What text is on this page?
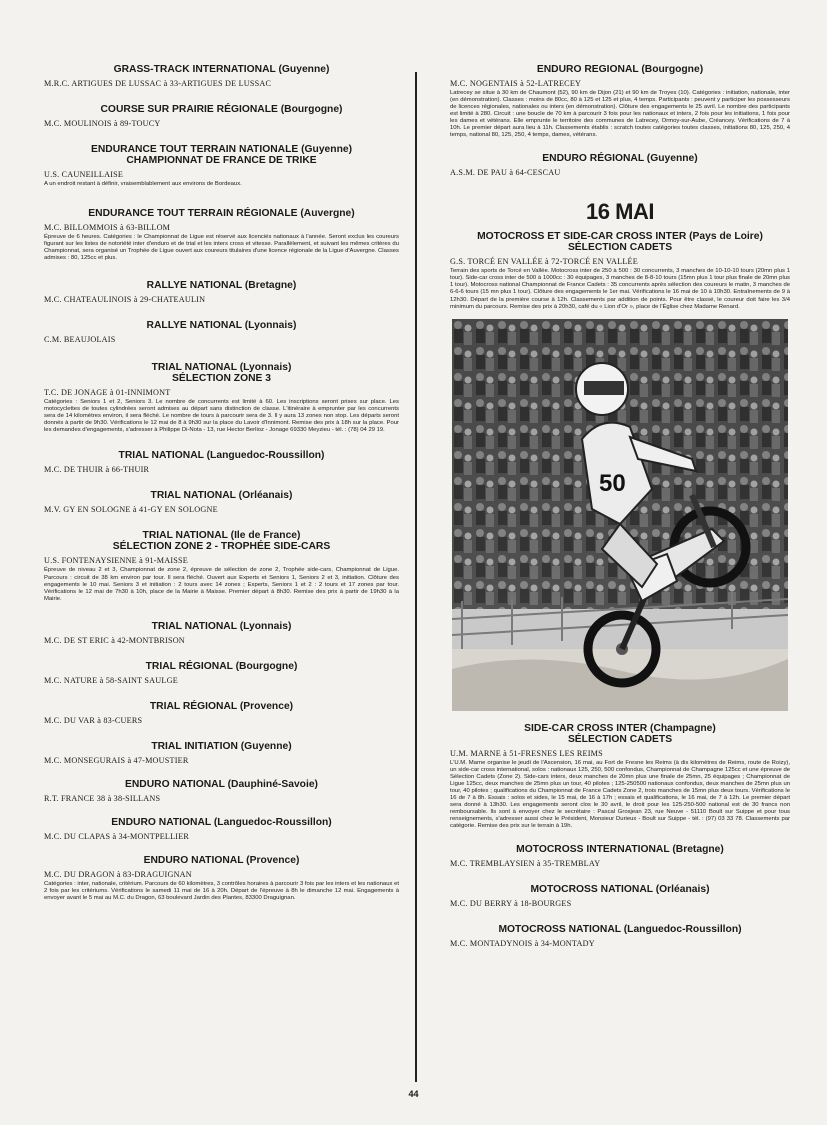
GRASS-TRACK INTERNATIONAL (Guyenne)
M.R.C. ARTIGUES DE LUSSAC à 33-ARTIGUES DE LUSSAC
COURSE SUR PRAIRIE RÉGIONALE (Bourgogne)
M.C. MOULINOIS à 89-TOUCY
ENDURANCE TOUT TERRAIN NATIONALE (Guyenne)
CHAMPIONNAT DE FRANCE DE TRIKE
U.S. CAUNEILLAISE
A un endroit restant à définir, vraisemblablement aux environs de Bordeaux.
ENDURANCE TOUT TERRAIN RÉGIONALE (Auvergne)
M.C. BILLOMMOIS à 63-BILLOM
Épreuve de 6 heures. Catégories : le Championnat de Ligue est réservé aux licenciés nationaux à l'année. Seront exclus les coureurs figurant sur les listes de notoriété inter d'enduro et de trial et les inters cross et vitesse. Parallèlement, et suivant les mêmes critères du Championnat, sera organisé un Trophée de Ligue ouvert aux coureurs titulaires d'une licence régionale de la Ligue d'Auvergne. Classes admises : 80, 125cc et plus.
RALLYE NATIONAL (Bretagne)
M.C. CHATEAULINOIS à 29-CHATEAULIN
RALLYE NATIONAL (Lyonnais)
C.M. BEAUJOLAIS
TRIAL NATIONAL (Lyonnais)
SÉLECTION ZONE 3
T.C. DE JONAGE à 01-INNIMONT
Catégories : Seniors 1 et 2, Seniors 3. Le nombre de concurrents est limité à 60. Les inscriptions seront prises sur place. Les motocyclettes de toutes cylindrées seront admises au départ sans distinction de classe. L'itinéraire à emprunter par les concurrents sera de 14 kilomètres environ, il sera fléché. Le nombre de tours à parcourir sera de 3. Il y aura 13 zones non stop. Les départs seront donnés à partir de 9h30. Vérifications le 12 mai de 8 à 9h30 sur la place du Lavoir d'Innimont. Remise des prix à 18h sur la place. Pour les demandes d'engagements, s'adresser à Philippe Di-Nota - 13, rue Hector Berlioz - Jonage 69330 Meyzieu - tél. : (78) 04 29 19.
TRIAL NATIONAL (Languedoc-Roussillon)
M.C. DE THUIR à 66-THUIR
TRIAL NATIONAL (Orléanais)
M.V. GY EN SOLOGNE à 41-GY EN SOLOGNE
TRIAL NATIONAL (Ile de France)
SÉLECTION ZONE 2 - TROPHÉE SIDE-CARS
U.S. FONTENAYSIENNE à 91-MAISSE
Épreuve de niveau 2 et 3, Championnat de zone 2, épreuve de sélection de zone 2, Trophée side-cars, Championnat de Ligue. Parcours : circuit de 38 km environ par tour. Il sera fléché. Ouvert aux Experts et Seniors 1, Seniors 2 et 3, initiation. Clôture des engagements le 10 mai. Seniors 3 et initiation : 2 tours avec 14 zones ; Experts, Seniors 1 et 2 : 2 tours et 17 zones par tour. Vérifications le 12 mai de 7h30 à 10h, place de la Mairie à Maisse. Premier départ à 8h30. Remise des prix à partir de 19h30 à la Mairie.
TRIAL NATIONAL (Lyonnais)
M.C. DE ST ERIC à 42-MONTBRISON
TRIAL RÉGIONAL (Bourgogne)
M.C. NATURE à 58-SAINT SAULGE
TRIAL RÉGIONAL (Provence)
M.C. DU VAR à 83-CUERS
TRIAL INITIATION (Guyenne)
M.C. MONSEGURAIS à 47-MOUSTIER
ENDURO NATIONAL (Dauphiné-Savoie)
R.T. FRANCE 38 à 38-SILLANS
ENDURO NATIONAL (Languedoc-Roussillon)
M.C. DU CLAPAS à 34-MONTPELLIER
ENDURO NATIONAL (Provence)
M.C. DU DRAGON à 83-DRAGUIGNAN
Catégories : inter, nationale, critérium. Parcours de 60 kilomètres, 3 contrôles horaires à parcourir 3 fois par les inters et les nationaux et 2 fois par les critériums. Vérifications le samedi 11 mai de 16 à 20h. Départ de l'épreuve à 8h le dimanche 12 mai. Engagements à envoyer avant le 5 mai au M.C. du Dragon, 63 boulevard Jardin des Plantes, 83300 Draguignan.
ENDURO REGIONAL (Bourgogne)
M.C. NOGENTAIS à 52-LATRECEY
Latrecey se situe à 30 km de Chaumont (52), 90 km de Dijon (21) et 90 km de Troyes (10). Catégories : initiation, nationale, inter (en démonstration). Classes : moins de 80cc, 80 à 125 et 125 et plus, 4 temps. Participants : peuvent y participer les possesseurs de licences régionales, nationales ou inters (en démonstration). Clôture des engagements le 25 avril. Le nombre des participants est limité à 280. Circuit : une boucle de 70 km à parcourir 3 fois pour les nationaux et inters, 2 fois pour les initiations, 1 fois pour les dames et vétérans. Elle emprunte le territoire des communes de Latrecey, Ormoy-sur-Aube, Créancey. Vérifications de 7 à 10h. Le premier départ aura lieu à 11h. Classements établis : scratch toutes catégories toutes classes, initiations 80, 125, 250, 4 temps, national 80, 125, 250, 4 temps, dames, vétérans.
ENDURO RÉGIONAL (Guyenne)
A.S.M. DE PAU à 64-CESCAU
16 MAI
MOTOCROSS ET SIDE-CAR CROSS INTER (Pays de Loire)
SÉLECTION CADETS
G.S. TORCÉ EN VALLÉE à 72-TORCÉ EN VALLÉE
Terrain des sports de Torcé en Vallée. Motocross inter de 250 à 500 : 30 concurrents, 3 manches de 10-10-10 tours (20mn plus 1 tour). Side-car cross inter de 500 à 1000cc : 30 équipages, 3 manches de 8-8-10 tours (15mn plus 1 tour plus finale de 20mn plus 1 tour). Motocross national Championnat de France Cadets : 35 concurrents après sélection des coureurs le matin, 3 manches de 6-6-6 tours (15 mn plus 1 tour). Clôture des engagements le 1er mai. Vérifications le 16 mai de 10 à 10h30. Entraînements de 9 à 12h30. Départ de la première course à 12h. Classements par addition de points. Pour être classé, le coureur doit faire les 3/4 minimum du parcours. Remise des prix à 20h30, café du « Lion d'Or », place de l'Église chez Madame Renard.
50
SIDE-CAR CROSS INTER (Champagne)
SÉLECTION CADETS
U.M. MARNE à 51-FRESNES LES REIMS
L'U.M. Marne organise le jeudi de l'Ascension, 16 mai, au Fort de Fresne les Reims (à dix kilomètres de Reims, route de Roizy), un side-car cross international, solos : nationaux 125, 250, 500 confondus, Championnat de Champagne 125cc et une épreuve de Sélection Cadets (Zone 2). Side-cars inters, deux manches de 20mn plus une finale de 25mn, 25 équipages ; Championnat de Ligue 125cc, deux manches de 25mn plus un tour, 40 pilotes ; 125-250500 nationaux confondus, deux manches de 25mn plus un tour, 40 pilotes ; qualifications du Championnat de France Cadets Zone 2, trois manches de 15mn plus deux tours. Vérifications le 16 de 7 à 8h. Essais : solos et sides, le 15 mai, de 16 à 17h ; essais et qualifications, le 16 mai, de 7 à 12h. Le premier départ sera donné à 13h30. Les engagements seront clos le 30 avril, le droit pour les 125-250-500 national est de 30 francs non remboursable. Ils sont à envoyer chez le secrétaire : Pascal Grosjean 23, rue Neuve - 51110 Boult sur Suippe et pour tous renseignements, s'adresser aussi chez le Président, Monsieur Durieux - Boult sur Suippe - tél. : (97) 03 33 78. Classements par catégorie. Remise des prix sur le terrain à 19h.
MOTOCROSS INTERNATIONAL (Bretagne)
M.C. TREMBLAYSIEN à 35-TREMBLAY
MOTOCROSS NATIONAL (Orléanais)
M.C. DU BERRY à 18-BOURGES
MOTOCROSS NATIONAL (Languedoc-Roussillon)
M.C. MONTADYNOIS à 34-MONTADY
44
